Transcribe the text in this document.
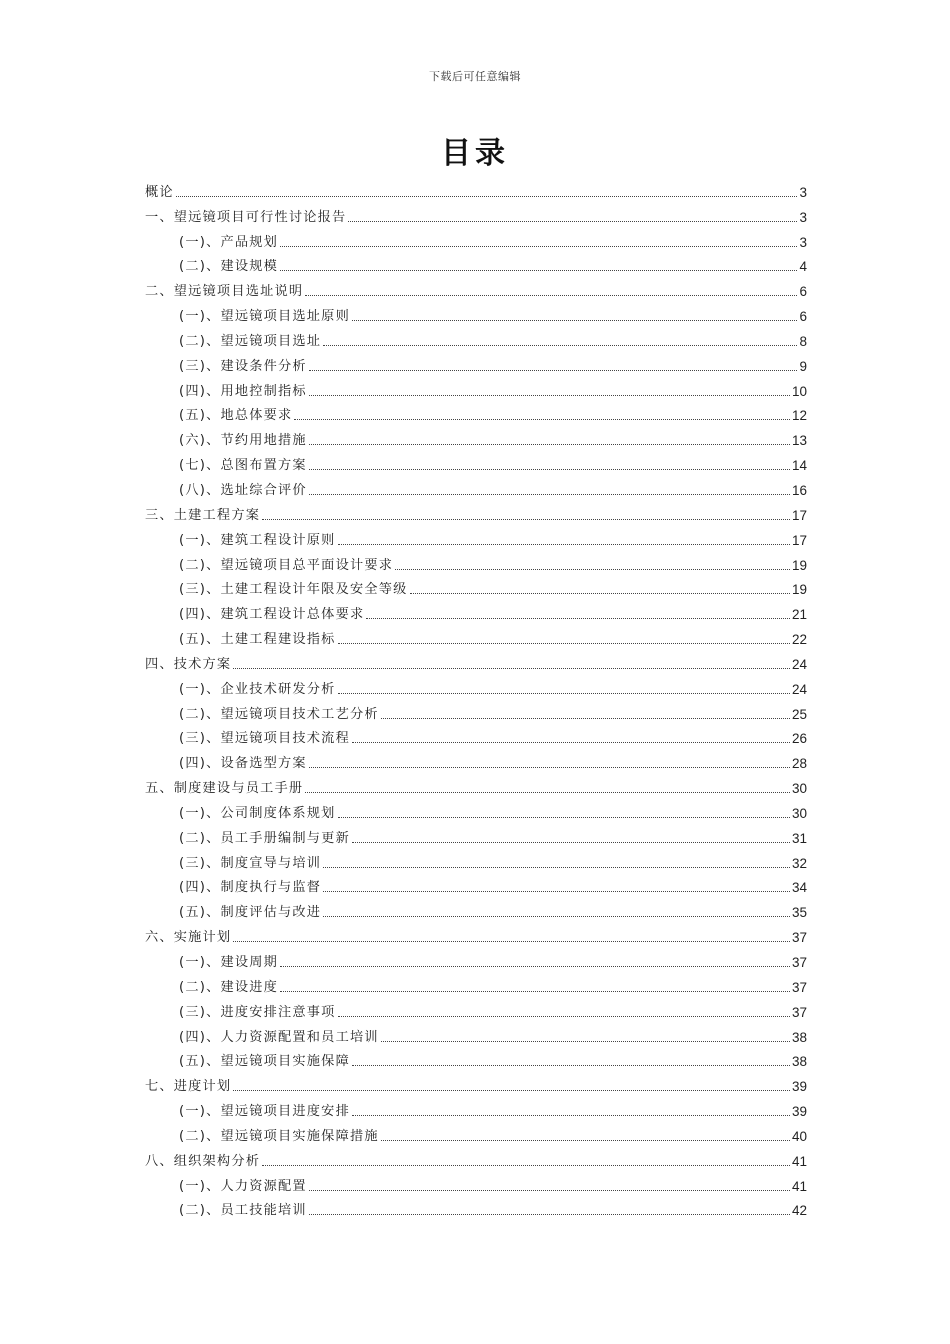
下载后可任意编辑
目录
概论	3
一、望远镜项目可行性讨论报告	3
(一)、产品规划	3
(二)、建设规模	4
二、望远镜项目选址说明	6
(一)、望远镜项目选址原则	6
(二)、望远镜项目选址	8
(三)、建设条件分析	9
(四)、用地控制指标	10
(五)、地总体要求	12
(六)、节约用地措施	13
(七)、总图布置方案	14
(八)、选址综合评价	16
三、土建工程方案	17
(一)、建筑工程设计原则	17
(二)、望远镜项目总平面设计要求	19
(三)、土建工程设计年限及安全等级	19
(四)、建筑工程设计总体要求	21
(五)、土建工程建设指标	22
四、技术方案	24
(一)、企业技术研发分析	24
(二)、望远镜项目技术工艺分析	25
(三)、望远镜项目技术流程	26
(四)、设备选型方案	28
五、制度建设与员工手册	30
(一)、公司制度体系规划	30
(二)、员工手册编制与更新	31
(三)、制度宣导与培训	32
(四)、制度执行与监督	34
(五)、制度评估与改进	35
六、实施计划	37
(一)、建设周期	37
(二)、建设进度	37
(三)、进度安排注意事项	37
(四)、人力资源配置和员工培训	38
(五)、望远镜项目实施保障	38
七、进度计划	39
(一)、望远镜项目进度安排	39
(二)、望远镜项目实施保障措施	40
八、组织架构分析	41
(一)、人力资源配置	41
(二)、员工技能培训	42
